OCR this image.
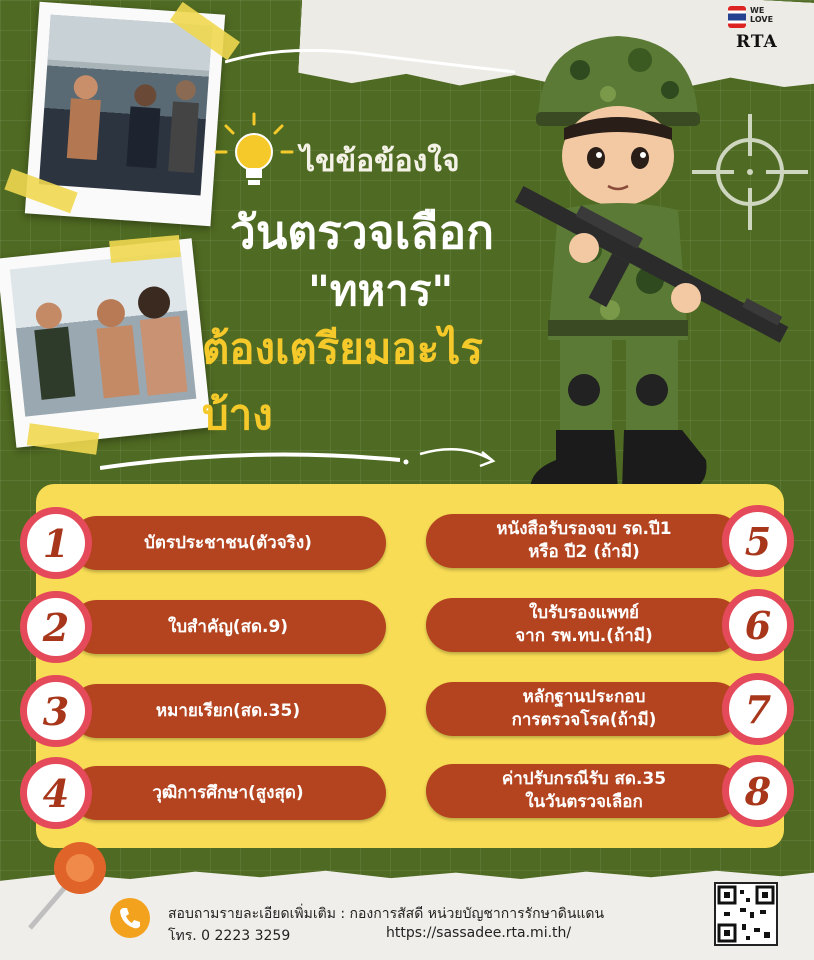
WE
LOVE
RTA
ไขข้อข้องใจ
วันตรวจเลือก
"ทหาร"
ต้องเตรียมอะไรบ้าง
บัตรประชาชน(ตัวจริง)
1
ใบสำคัญ(สด.9)
2
หมายเรียก(สด.35)
3
วุฒิการศึกษา(สูงสุด)
4
หนังสือรับรองจบ รด.ปี1
หรือ ปี2 (ถ้ามี)	5
ใบรับรองแพทย์
จาก รพ.ทบ.(ถ้ามี)	6
หลักฐานประกอบ
การตรวจโรค(ถ้ามี)	7
ค่าปรับกรณีรับ สด.35
ในวันตรวจเลือก	8
สอบถามรายละเอียดเพิ่มเติม : กองการสัสดี หน่วยบัญชาการรักษาดินแดน
โทร. 0 2223 3259	https://sassadee.rta.mi.th/
